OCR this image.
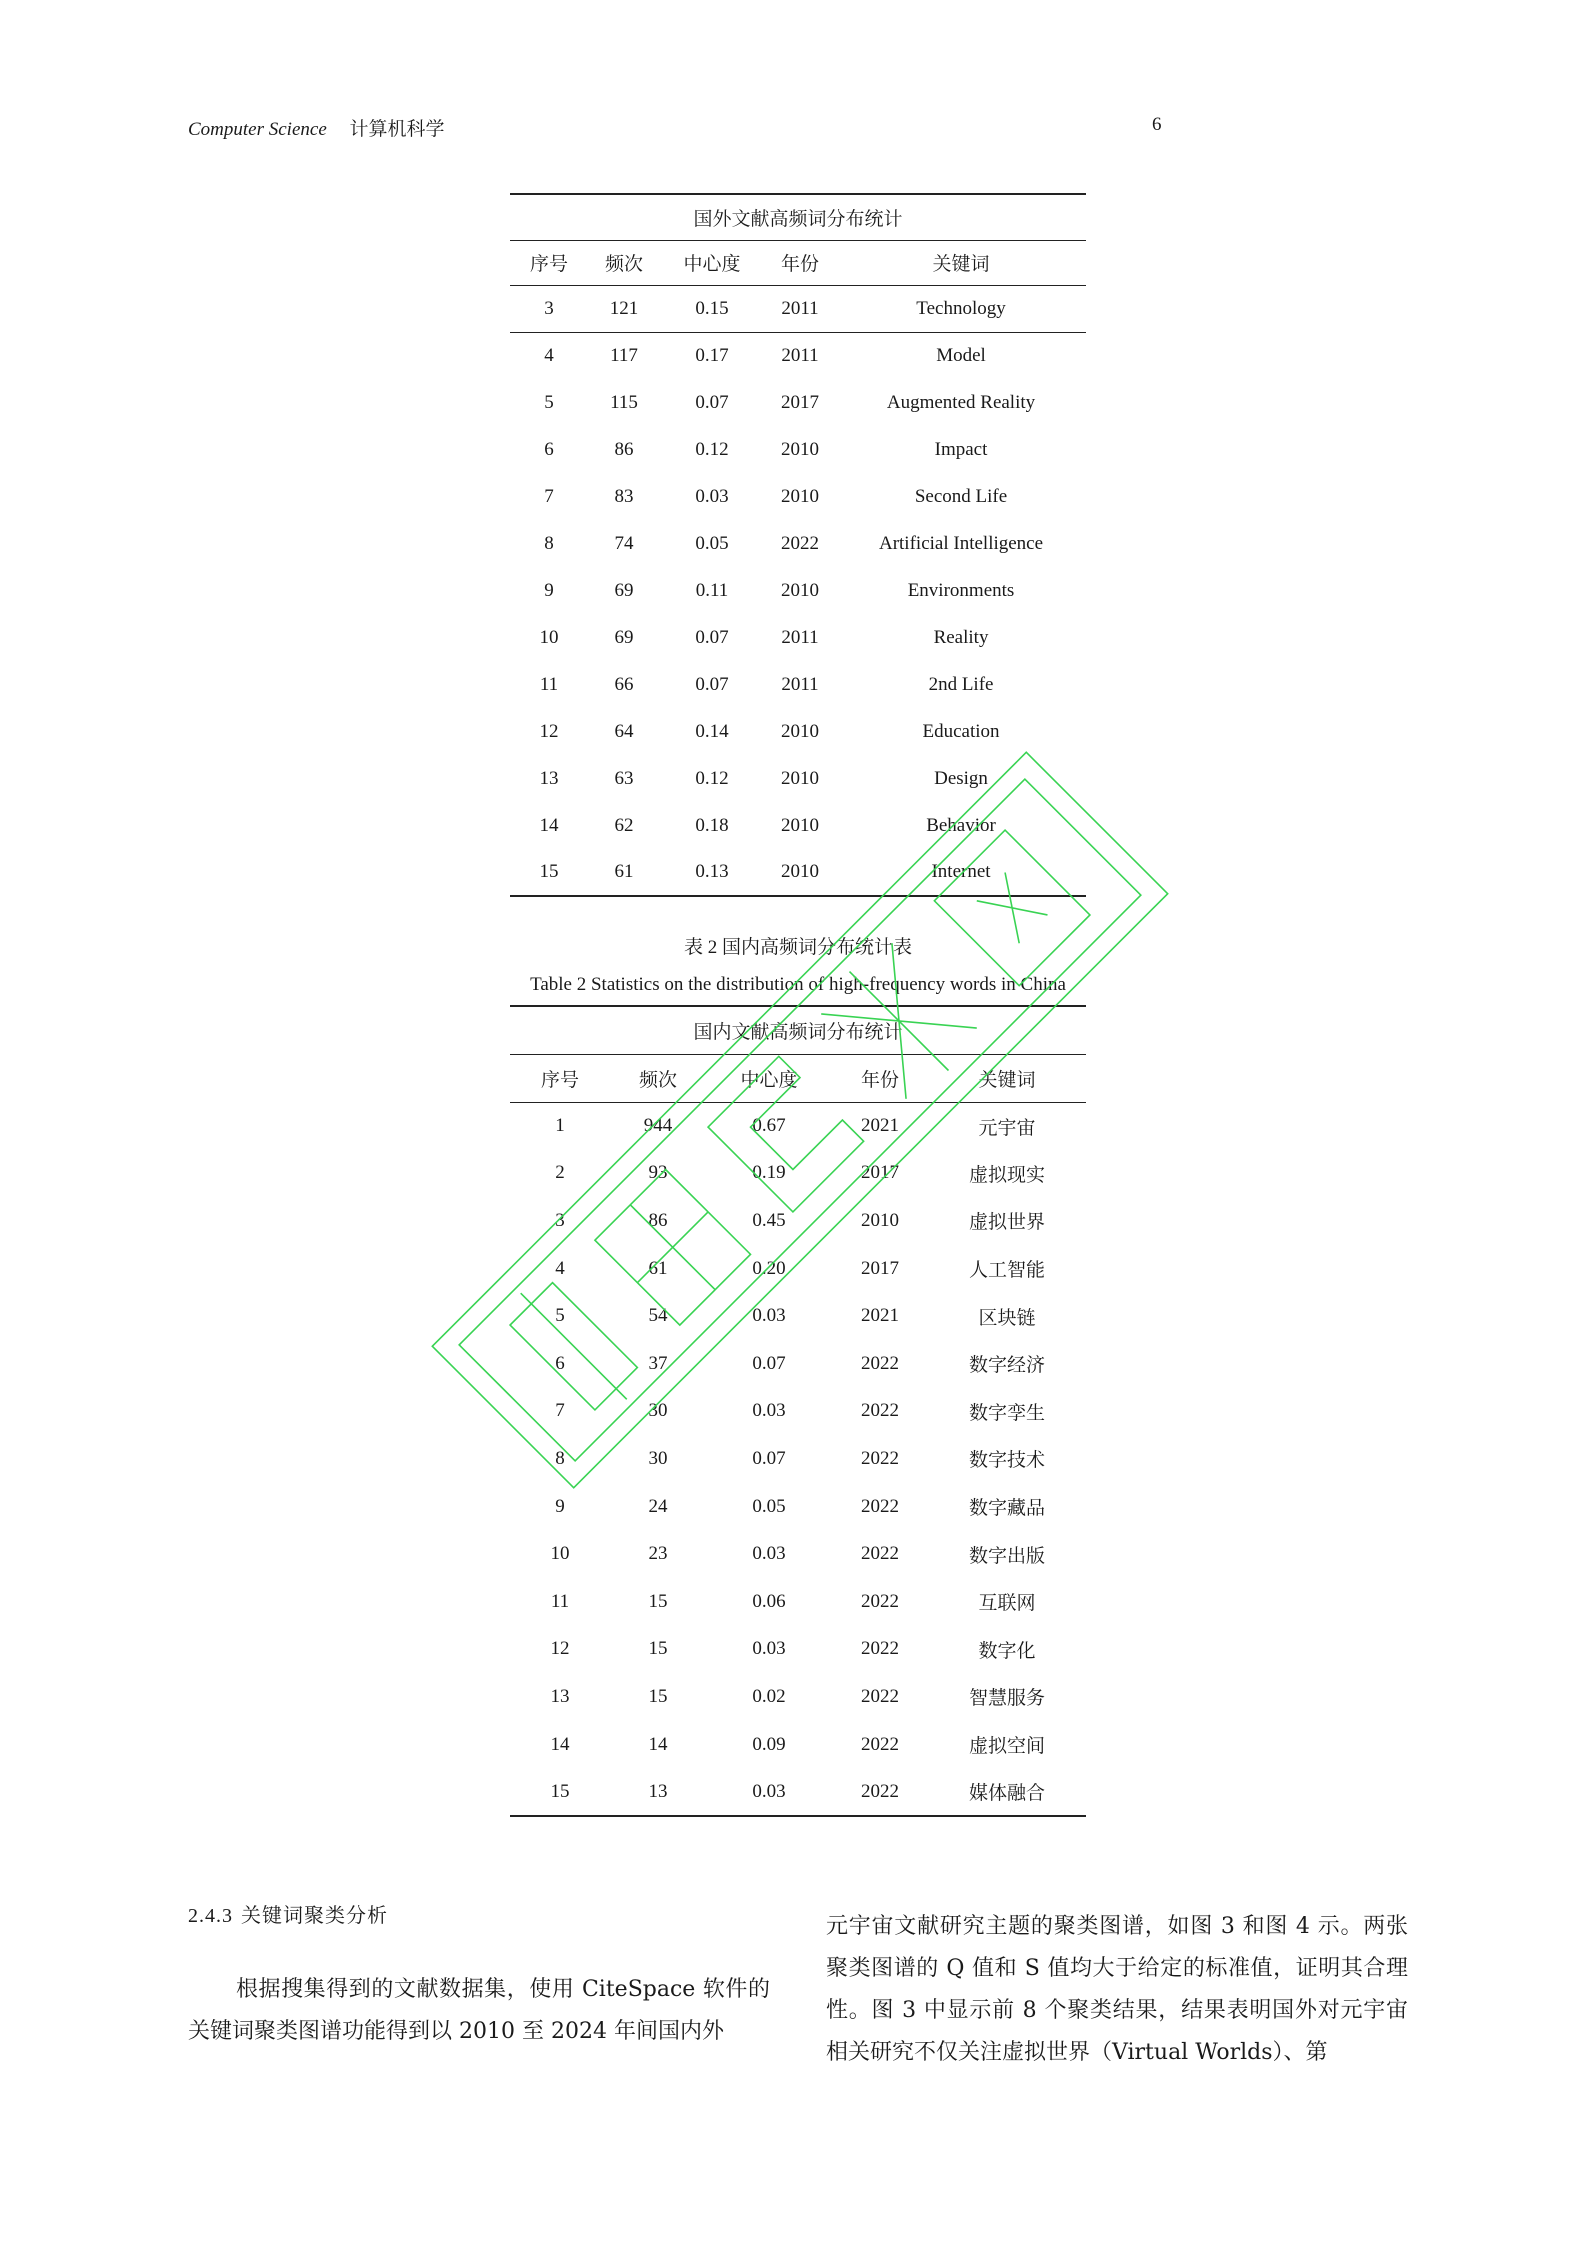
Computer Science 计算机科学	6
国外文献高频词分布统计				
序号	频次	中心度	年份	关键词
3	121	0.15	2011	Technology
4	117	0.17	2011	Model
5	115	0.07	2017	Augmented Reality
6	86	0.12	2010	Impact
7	83	0.03	2010	Second Life
8	74	0.05	2022	Artificial Intelligence
9	69	0.11	2010	Environments
10	69	0.07	2011	Reality
11	66	0.07	2011	2nd Life
12	64	0.14	2010	Education
13	63	0.12	2010	Design
14	62	0.18	2010	Behavior
15	61	0.13	2010	Internet
表 2 国内高频词分布统计表
Table 2 Statistics on the distribution of high-frequency words in China
国内文献高频词分布统计				
序号	频次	中心度	年份	关键词
1	944	0.67	2021	元宇宙
2	93	0.19	2017	虚拟现实
3	86	0.45	2010	虚拟世界
4	61	0.20	2017	人工智能
5	54	0.03	2021	区块链
6	37	0.07	2022	数字经济
7	30	0.03	2022	数字孪生
8	30	0.07	2022	数字技术
9	24	0.05	2022	数字藏品
10	23	0.03	2022	数字出版
11	15	0.06	2022	互联网
12	15	0.03	2022	数字化
13	15	0.02	2022	智慧服务
14	14	0.09	2022	虚拟空间
15	13	0.03	2022	媒体融合
2.4.3 关键词聚类分析
根据搜集得到的文献数据集，使用 CiteSpace 软件的关键词聚类图谱功能得到以 2010 至 2024 年间国内外
元宇宙文献研究主题的聚类图谱，如图 3 和图 4 示。两张聚类图谱的 Q 值和 S 值均大于给定的标准值，证明其合理性。图 3 中显示前 8 个聚类结果，结果表明国外对元宇宙相关研究不仅关注虚拟世界（Virtual Worlds）、第
